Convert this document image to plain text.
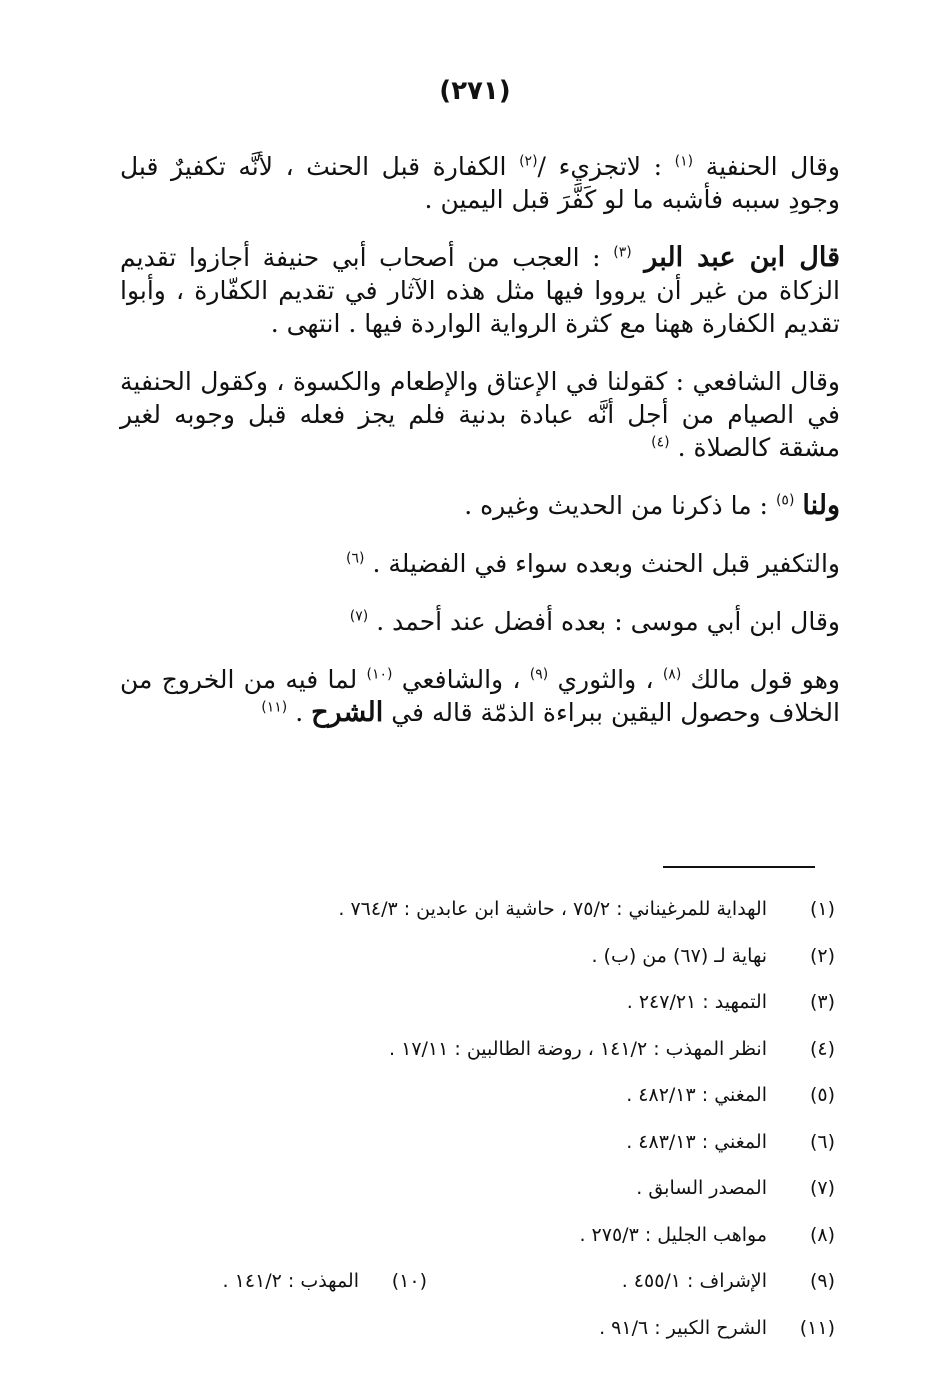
(٢٧١)

وقال الحنفية $^{(١)}$ : لاتجزيء /$^{(٢)}$ الكفارة قبل الحنث ، لأنَّه تكفيرٌ قبل وجودِ سببه فأشبه ما لو كَفَّرَ قبل اليمين .

قال ابن عبد البر $^{(٣)}$ : العجب من أصحاب أبي حنيفة أجازوا تقديم الزكاة من غير أن يرووا فيها مثل هذه الآثار في تقديم الكفّارة ، وأبوا تقديم الكفارة ههنا مع كثرة الرواية الواردة فيها . انتهى .

وقال الشافعي : كقولنا في الإعتاق والإطعام والكسوة ، وكقول الحنفية في الصيام من أجل أنَّه عبادة بدنية فلم يجز فعله قبل وجوبه لغير مشقة كالصلاة . $^{(٤)}$

ولنا $^{(٥)}$ : ما ذكرنا من الحديث وغيره .

والتكفير قبل الحنث وبعده سواء في الفضيلة . $^{(٦)}$

وقال ابن أبي موسى : بعده أفضل عند أحمد . $^{(٧)}$

وهو قول مالك $^{(٨)}$ ، والثوري $^{(٩)}$ ، والشافعي $^{(١٠)}$ لما فيه من الخروج من الخلاف وحصول اليقين ببراءة الذمّة قاله في الشرح . $^{(١١)}$

(١)الهداية للمرغيناني : ٧٥/٢ ، حاشية ابن عابدين : ٧٦٤/٣ .
(٢)نهاية لـ (٦٧) من (ب) .
(٣)التمهيد : ٢٤٧/٢١ .
(٤)انظر المهذب : ١٤١/٢ ، روضة الطالبين : ١٧/١١ .
(٥)المغني : ٤٨٢/١٣ .
(٦)المغني : ٤٨٣/١٣ .
(٧)المصدر السابق .
(٨)مواهب الجليل : ٢٧٥/٣ .
(٩)الإشراف : ٤٥٥/١ .(١٠)المهذب : ١٤١/٢ .
(١١)الشرح الكبير : ٩١/٦ .
